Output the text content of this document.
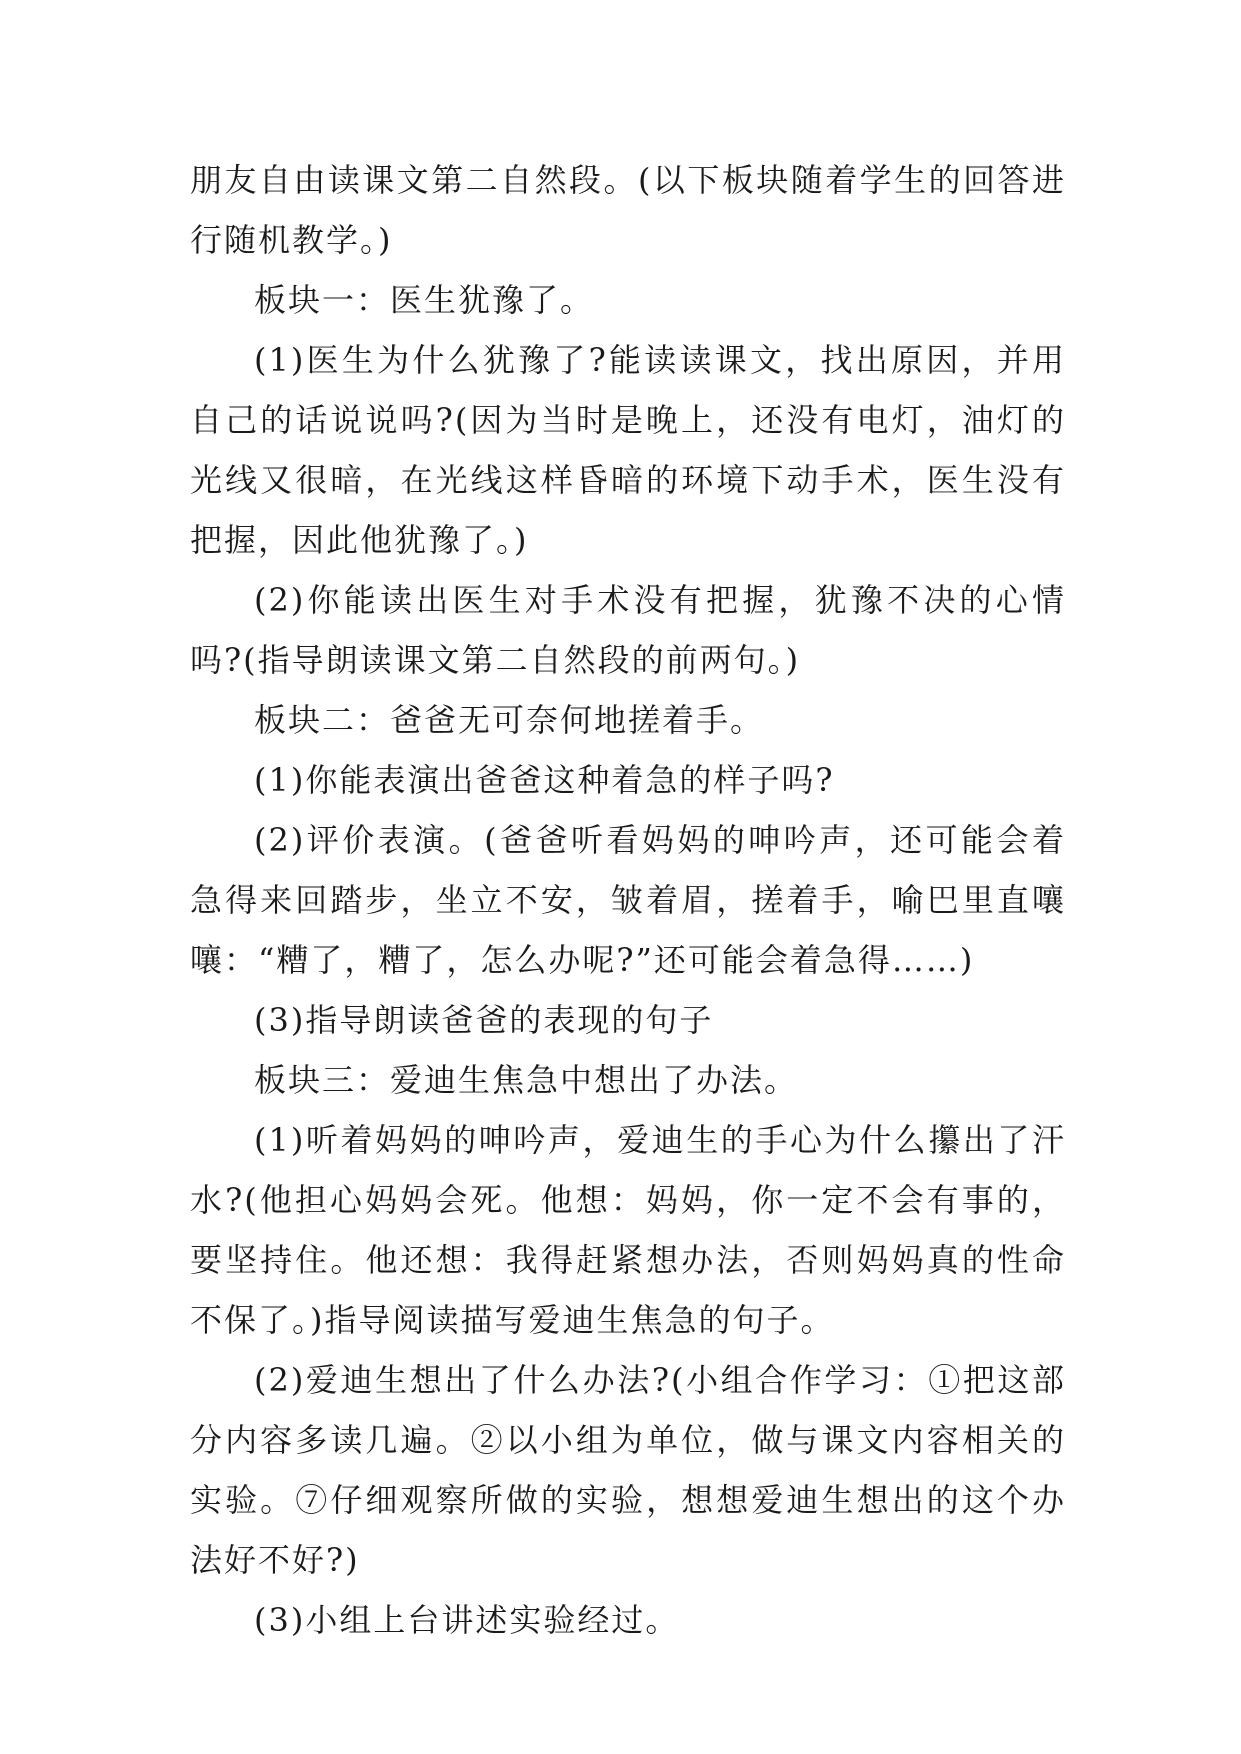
朋友自由读课文第二自然段。(以下板块随着学生的回答进行随机教学。)

板块一：医生犹豫了。

(1)医生为什么犹豫了?能读读课文，找出原因，并用自己的话说说吗?(因为当时是晚上，还没有电灯，油灯的光线又很暗，在光线这样昏暗的环境下动手术，医生没有把握，因此他犹豫了。)

(2)你能读出医生对手术没有把握，犹豫不决的心情吗?(指导朗读课文第二自然段的前两句。)

板块二：爸爸无可奈何地搓着手。

(1)你能表演出爸爸这种着急的样子吗?

(2)评价表演。(爸爸听看妈妈的呻吟声，还可能会着急得来回踏步，坐立不安，皱着眉，搓着手，喻巴里直嚷嚷：“糟了，糟了，怎么办呢?”还可能会着急得……)

(3)指导朗读爸爸的表现的句子

板块三：爱迪生焦急中想出了办法。

(1)听着妈妈的呻吟声，爱迪生的手心为什么攥出了汗水?(他担心妈妈会死。他想：妈妈，你一定不会有事的，要坚持住。他还想：我得赶紧想办法，否则妈妈真的性命不保了。)指导阅读描写爱迪生焦急的句子。

(2)爱迪生想出了什么办法?(小组合作学习：①把这部分内容多读几遍。②以小组为单位，做与课文内容相关的实验。⑦仔细观察所做的实验，想想爱迪生想出的这个办法好不好?)

(3)小组上台讲述实验经过。
